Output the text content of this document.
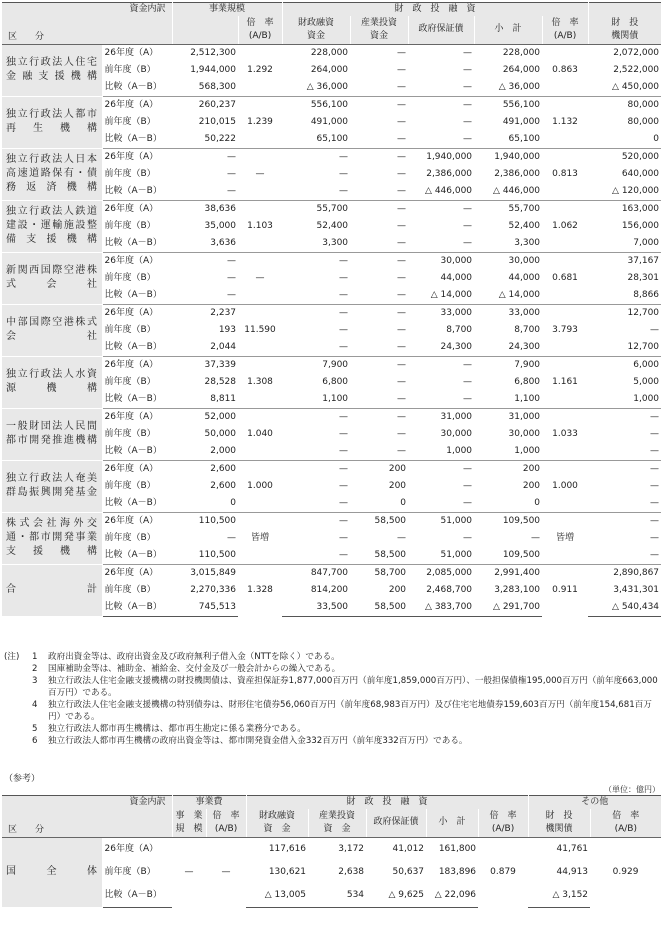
資金内訳		事業規模		財　政　投　融　資					
区　　分			倍　率
(A/B)	財政融資
資金	産業投資
資金	政府保証債	小　計	倍　率
(A/B)	財　投
機関債
独立行政法人住宅金融支援機構	26年度（A）	2,512,300	1.292	228,000	—	—	228,000	0.863	2,072,000
	前年度（B）	1,944,000		264,000	—	—	264,000		2,522,000
	比較（A－B）	568,300		△ 36,000	—	—	△ 36,000		△ 450,000
独立行政法人都市再生機構	26年度（A）	260,237	1.239	556,100	—	—	556,100	1.132	80,000
	前年度（B）	210,015		491,000	—	—	491,000		80,000
	比較（A－B）	50,222		65,100	—	—	65,100		0
独立行政法人日本高速道路保有・債務返済機構	26年度（A）	—	—	—	—	1,940,000	1,940,000	0.813	520,000
	前年度（B）	—		—	—	2,386,000	2,386,000		640,000
	比較（A－B）	—		—	—	△ 446,000	△ 446,000		△ 120,000
独立行政法人鉄道建設・運輸施設整備支援機構	26年度（A）	38,636	1.103	55,700	—	—	55,700	1.062	163,000
	前年度（B）	35,000		52,400	—	—	52,400		156,000
	比較（A－B）	3,636		3,300	—	—	3,300		7,000
新関西国際空港株式会社	26年度（A）	—	—	—	—	30,000	30,000	0.681	37,167
	前年度（B）	—		—	—	44,000	44,000		28,301
	比較（A－B）	—		—	—	△ 14,000	△ 14,000		8,866
中部国際空港株式会社	26年度（A）	2,237	11.590	—	—	33,000	33,000	3.793	12,700
	前年度（B）	193		—	—	8,700	8,700		—
	比較（A－B）	2,044		—	—	24,300	24,300		12,700
独立行政法人水資源機構	26年度（A）	37,339	1.308	7,900	—	—	7,900	1.161	6,000
	前年度（B）	28,528		6,800	—	—	6,800		5,000
	比較（A－B）	8,811		1,100	—	—	1,100		1,000
一般財団法人民間都市開発推進機構	26年度（A）	52,000	1.040	—	—	31,000	31,000	1.033	—
	前年度（B）	50,000		—	—	30,000	30,000		—
	比較（A－B）	2,000		—	—	1,000	1,000		—
独立行政法人奄美群島振興開発基金	26年度（A）	2,600	1.000	—	200	—	200	1.000	—
	前年度（B）	2,600		—	200	—	200		—
	比較（A－B）	0		—	0	—	0		—
株式会社海外交通・都市開発事業支援機構	26年度（A）	110,500	皆増	—	58,500	51,000	109,500	皆増	—
	前年度（B）	—		—	—	—	—		—
	比較（A－B）	110,500		—	58,500	51,000	109,500		—
合　計	26年度（A）	3,015,849	1.328	847,700	58,700	2,085,000	2,991,400	0.911	2,890,867
	前年度（B）	2,270,336		814,200	200	2,468,700	3,283,100		3,431,301
	比較（A－B）	745,513		33,500	58,500	△ 383,700	△ 291,700		△ 540,434
(注)	1	政府出資金等は、政府出資金及び政府無利子借入金（NTTを除く）である。
2	国庫補助金等は、補助金、補給金、交付金及び一般会計からの繰入である。
3	独立行政法人住宅金融支援機構の財投機関債は、資産担保証券1,877,000百万円（前年度1,859,000百万円）、一般担保債権195,000百万円（前年度663,000百万円）である。
4	独立行政法人住宅金融支援機構の特別債券は、財形住宅債券56,060百万円（前年度68,983百万円）及び住宅宅地債券159,603百万円（前年度154,681百万円）である。
5	独立行政法人都市再生機構は、都市再生勘定に係る業務分である。
6	独立行政法人都市再生機構の政府出資金等は、都市開発資金借入金332百万円（前年度332百万円）である。
（参考）
（単位：億円）
資金内訳		事業費		財　政　投　融　資					その他	
区　　分		事　業
規　模	倍　率
(A/B)	財政融資
資　金	産業投資
資　金	政府保証債	小　計	倍　率
(A/B)	財　投
機関債	倍　率
(A/B)
国　　全　　体	26年度（A）	—	—	117,616	3,172	41,012	161,800	0.879	41,761	0.929
	前年度（B）			130,621	2,638	50,637	183,896		44,913	
	比較（A－B）			△ 13,005	534	△ 9,625	△ 22,096		△ 3,152	
